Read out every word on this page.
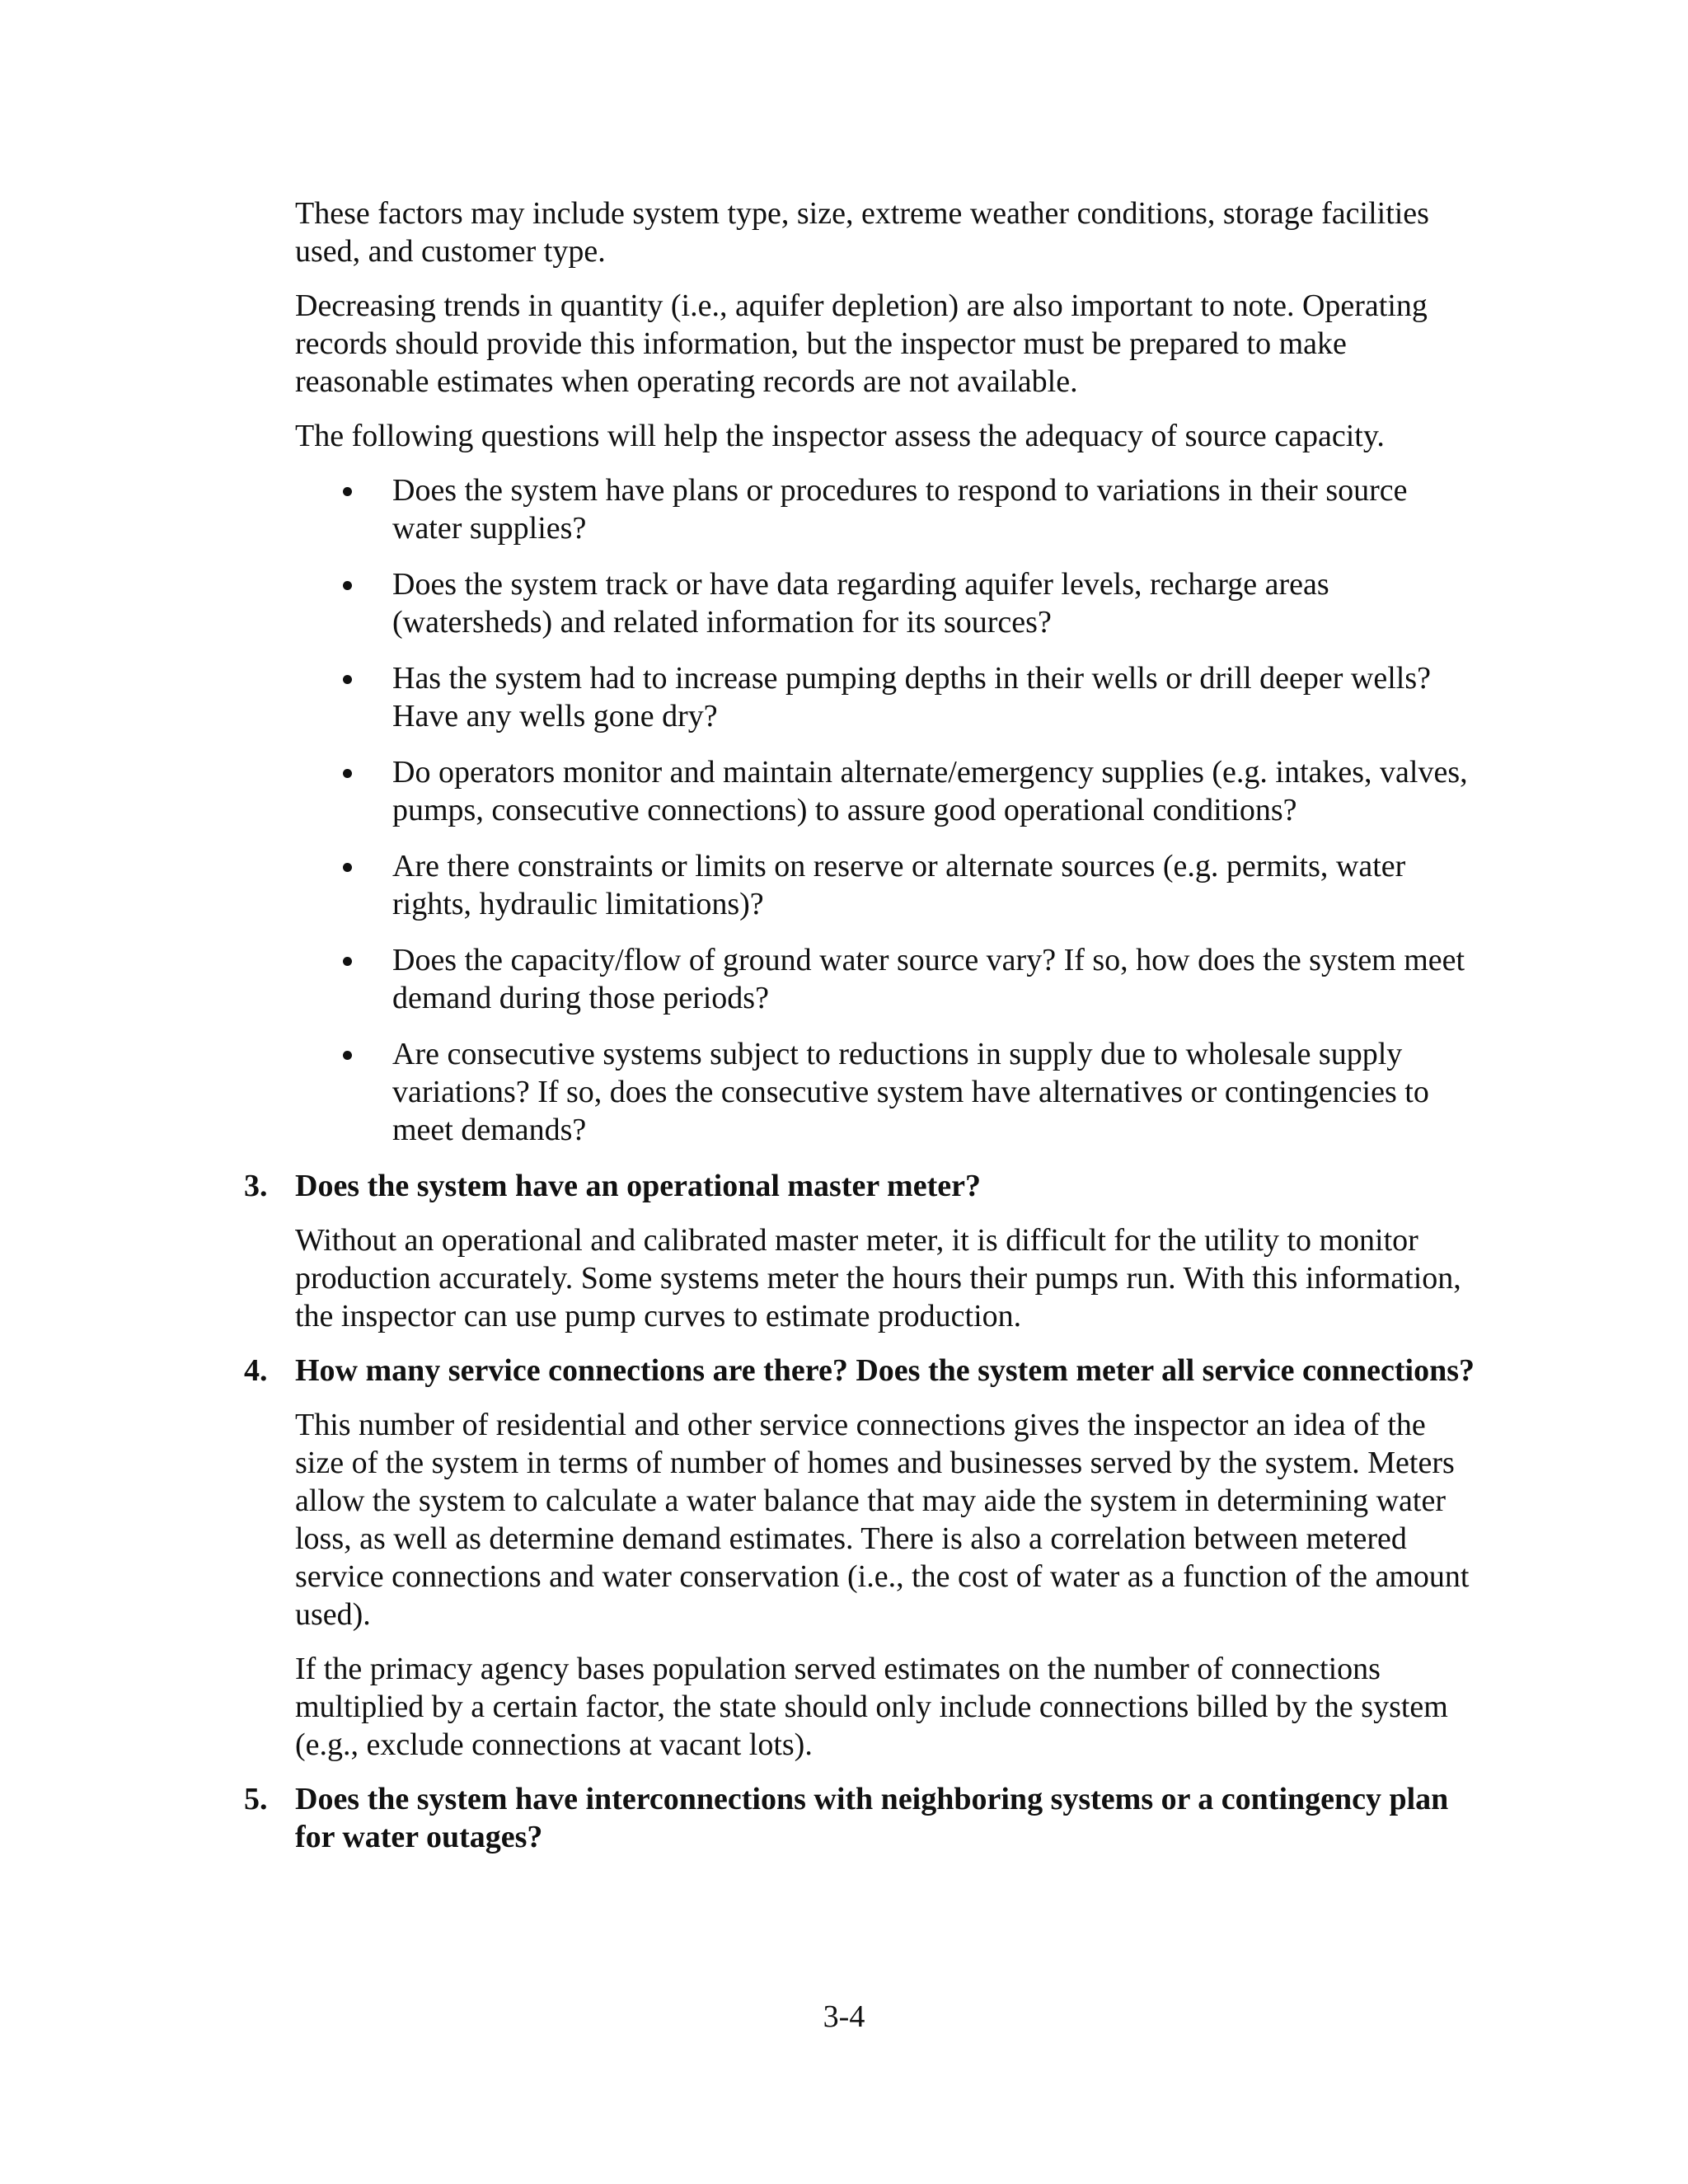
These factors may include system type, size, extreme weather conditions, storage facilities used, and customer type.

Decreasing trends in quantity (i.e., aquifer depletion) are also important to note. Operating records should provide this information, but the inspector must be prepared to make reasonable estimates when operating records are not available.

The following questions will help the inspector assess the adequacy of source capacity.

Does the system have plans or procedures to respond to variations in their source water supplies?
Does the system track or have data regarding aquifer levels, recharge areas (watersheds) and related information for its sources?
Has the system had to increase pumping depths in their wells or drill deeper wells? Have any wells gone dry?
Do operators monitor and maintain alternate/emergency supplies (e.g. intakes, valves, pumps, consecutive connections) to assure good operational conditions?
Are there constraints or limits on reserve or alternate sources (e.g. permits, water rights, hydraulic limitations)?
Does the capacity/flow of ground water source vary? If so, how does the system meet demand during those periods?
Are consecutive systems subject to reductions in supply due to wholesale supply variations? If so, does the consecutive system have alternatives or contingencies to meet demands?
3. Does the system have an operational master meter?

Without an operational and calibrated master meter, it is difficult for the utility to monitor production accurately. Some systems meter the hours their pumps run. With this information, the inspector can use pump curves to estimate production.

4. How many service connections are there? Does the system meter all service connections?

This number of residential and other service connections gives the inspector an idea of the size of the system in terms of number of homes and businesses served by the system. Meters allow the system to calculate a water balance that may aide the system in determining water loss, as well as determine demand estimates. There is also a correlation between metered service connections and water conservation (i.e., the cost of water as a function of the amount used).

If the primacy agency bases population served estimates on the number of connections multiplied by a certain factor, the state should only include connections billed by the system (e.g., exclude connections at vacant lots).

5. Does the system have interconnections with neighboring systems or a contingency plan for water outages?
3-4
